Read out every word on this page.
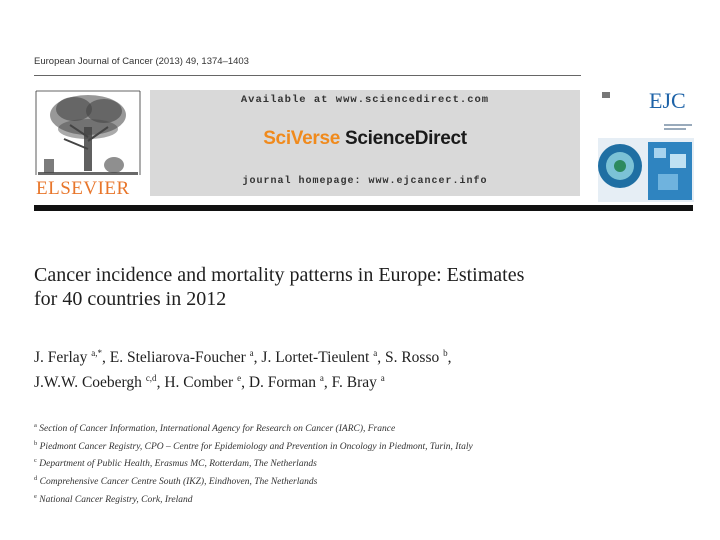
European Journal of Cancer (2013) 49, 1374–1403
ELSEVIER
Available at www.sciencedirect.com
SciVerse ScienceDirect
journal homepage: www.ejcancer.info
EJC
Cancer incidence and mortality patterns in Europe: Estimates
for 40 countries in 2012
J. Ferlay $^{a,*}$, E. Steliarova-Foucher $^a$, J. Lortet-Tieulent $^a$, S. Rosso $^b$,
J.W.W. Coebergh $^{c,d}$, H. Comber $^e$, D. Forman $^a$, F. Bray $^a$
$^a$ Section of Cancer Information, International Agency for Research on Cancer (IARC), France
$^b$ Piedmont Cancer Registry, CPO – Centre for Epidemiology and Prevention in Oncology in Piedmont, Turin, Italy
$^c$ Department of Public Health, Erasmus MC, Rotterdam, The Netherlands
$^d$ Comprehensive Cancer Centre South (IKZ), Eindhoven, The Netherlands
$^e$ National Cancer Registry, Cork, Ireland
